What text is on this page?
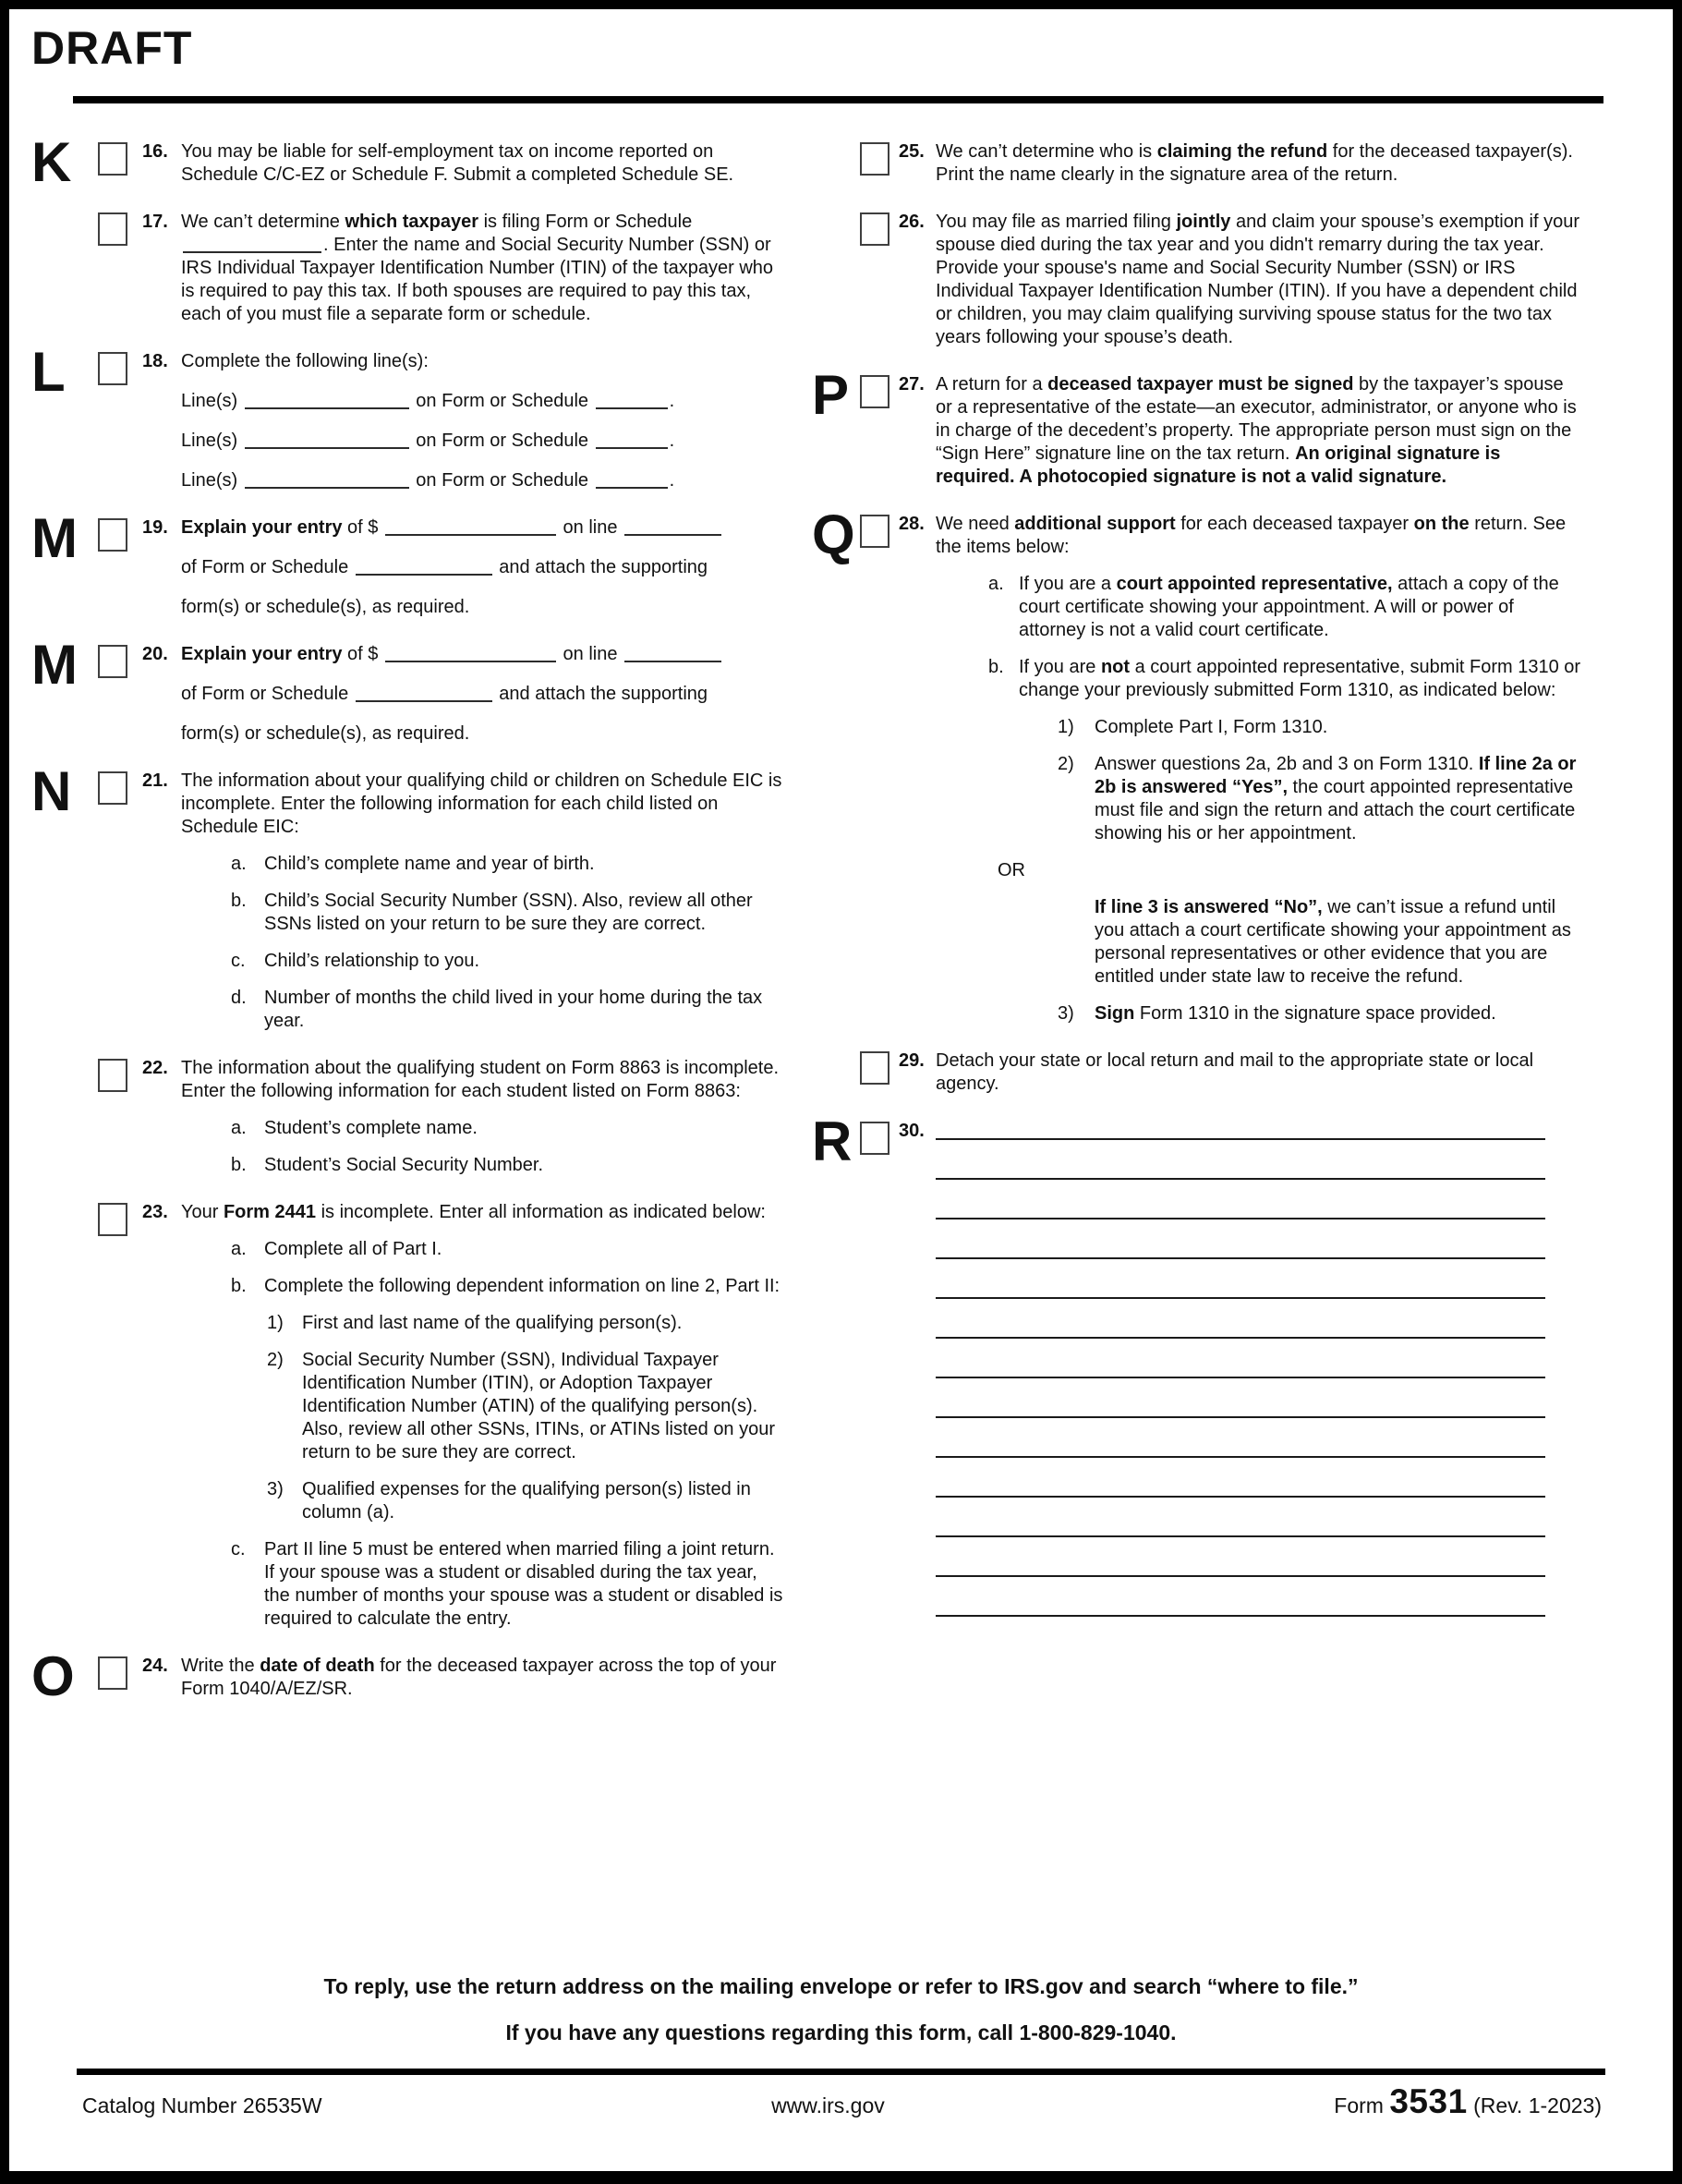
DRAFT
K	16. You may be liable for self-employment tax on income reported on Schedule C/C-EZ or Schedule F. Submit a completed Schedule SE.
17. We can’t determine which taxpayer is filing Form or Schedule . Enter the name and Social Security Number (SSN) or IRS Individual Taxpayer Identification Number (ITIN) of the taxpayer who is required to pay this tax. If both spouses are required to pay this tax, each of you must file a separate form or schedule.
L	18. Complete the following line(s):
Line(s)	on Form or Schedule	.
Line(s)	on Form or Schedule	.
Line(s)	on Form or Schedule	.
M	19. Explain your entry of $	on line
of Form or Schedule	and attach the supporting
form(s) or schedule(s), as required.
M	20. Explain your entry of $	on line
of Form or Schedule	and attach the supporting
form(s) or schedule(s), as required.
N	21. The information about your qualifying child or children on Schedule EIC is incomplete. Enter the following information for each child listed on Schedule EIC:
a. Child’s complete name and year of birth.
b. Child’s Social Security Number (SSN). Also, review all other SSNs listed on your return to be sure they are correct.
c.	Child’s relationship to you.
d. Number of months the child lived in your home during the tax year.
22. The information about the qualifying student on Form 8863 is incomplete. Enter the following information for each student listed on Form 8863:
a. Student’s complete name.
b. Student’s Social Security Number.
23. Your Form 2441 is incomplete. Enter all information as indicated below:
a. Complete all of Part I.
b. Complete the following dependent information on line 2, Part II:
1)	First and last name of the qualifying person(s).
2)	Social Security Number (SSN), Individual Taxpayer Identification Number (ITIN), or Adoption Taxpayer Identification Number (ATIN) of the qualifying person(s). Also, review all other SSNs, ITINs, or ATINs listed on your return to be sure they are correct.
3)	Qualified expenses for the qualifying person(s) listed in column (a).
c.	Part II line 5 must be entered when married filing a joint return. If your spouse was a student or disabled during the tax year, the number of months your spouse was a student or disabled is required to calculate the entry.
O	24. Write the date of death for the deceased taxpayer across the top of your Form 1040/A/EZ/SR.
25. We can’t determine who is claiming the refund for the deceased taxpayer(s). Print the name clearly in the signature area of the return.
26. You may file as married filing jointly and claim your spouse’s exemption if your spouse died during the tax year and you didn't remarry during the tax year. Provide your spouse's name and Social Security Number (SSN) or IRS Individual Taxpayer Identification Number (ITIN). If you have a dependent child or children, you may claim qualifying surviving spouse status for the two tax years following your spouse’s death.
P	27. A return for a deceased taxpayer must be signed by the taxpayer’s spouse or a representative of the estate—an executor, administrator, or anyone who is in charge of the decedent’s property. The appropriate person must sign on the “Sign Here” signature line on the tax return. An original signature is required. A photocopied signature is not a valid signature.
Q	28. We need additional support for each deceased taxpayer on the return. See the items below:
a. If you are a court appointed representative, attach a copy of the court certificate showing your appointment. A will or power of attorney is not a valid court certificate.
b. If you are not a court appointed representative, submit Form 1310 or change your previously submitted Form 1310, as indicated below:
1)	Complete Part I, Form 1310.
2)	Answer questions 2a, 2b and 3 on Form 1310. If line 2a or 2b is answered “Yes”, the court appointed representative must file and sign the return and attach the court certificate showing his or her appointment.
OR
If line 3 is answered “No”, we can’t issue a refund until you attach a court certificate showing your appointment as personal representatives or other evidence that you are entitled under state law to receive the refund.
3)	Sign Form 1310 in the signature space provided.
29. Detach your state or local return and mail to the appropriate state or local agency.
R	30.
To reply, use the return address on the mailing envelope or refer to IRS.gov and search “where to file.”
If you have any questions regarding this form, call 1-800-829-1040.
Catalog Number 26535W	www.irs.gov	Form 3531 (Rev. 1-2023)
